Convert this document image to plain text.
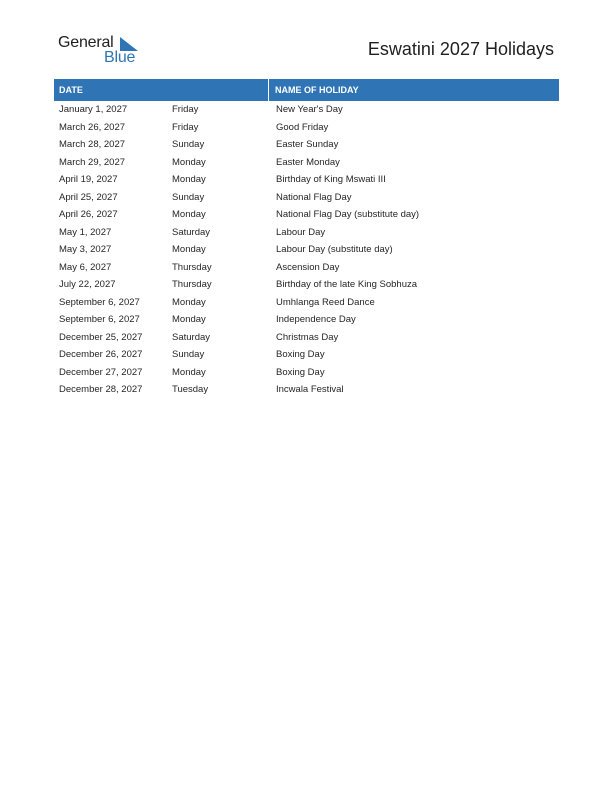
General
Blue	Eswatini 2027 Holidays
DATE	NAME OF HOLIDAY
January 1, 2027	Friday	New Year's Day
March 26, 2027	Friday	Good Friday
March 28, 2027	Sunday	Easter Sunday
March 29, 2027	Monday	Easter Monday
April 19, 2027	Monday	Birthday of King Mswati III
April 25, 2027	Sunday	National Flag Day
April 26, 2027	Monday	National Flag Day (substitute day)
May 1, 2027	Saturday	Labour Day
May 3, 2027	Monday	Labour Day (substitute day)
May 6, 2027	Thursday	Ascension Day
July 22, 2027	Thursday	Birthday of the late King Sobhuza
September 6, 2027	Monday	Umhlanga Reed Dance
September 6, 2027	Monday	Independence Day
December 25, 2027	Saturday	Christmas Day
December 26, 2027	Sunday	Boxing Day
December 27, 2027	Monday	Boxing Day
December 28, 2027	Tuesday	Incwala Festival
